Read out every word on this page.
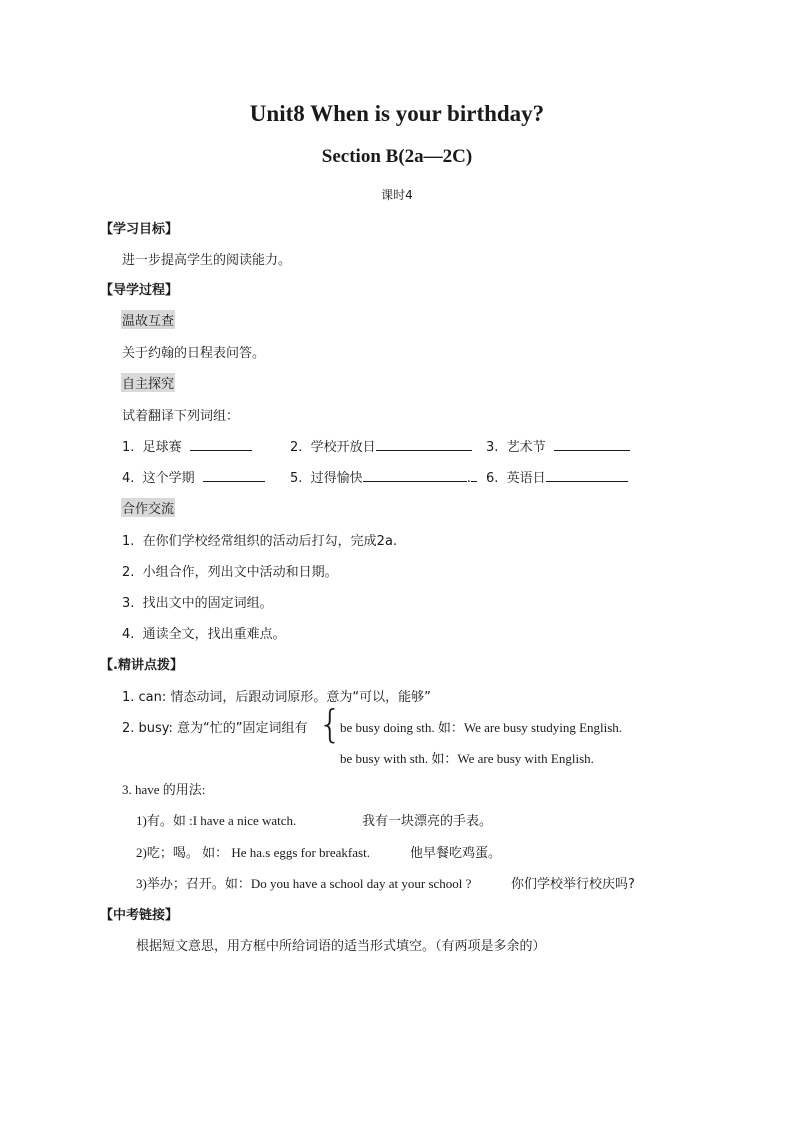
Unit8 When is your birthday?
Section B(2a—2C)
课时4
【学习目标】
进一步提高学生的阅读能力。
【导学过程】
温故互查
关于约翰的日程表问答。
自主探究
试着翻译下列词组：
1. 足球赛	2. 学校开放日	3. 艺术节
4. 这个学期	5. 过得愉快	.	6. 英语日
合作交流
1. 在你们学校经常组织的活动后打勾，完成2a.
2. 小组合作，列出文中活动和日期。
3. 找出文中的固定词组。
4. 通读全文，找出重难点。
【.精讲点拨】
1. can: 情态动词，后跟动词原形。意为“可以，能够”
2. busy: 意为“忙的”固定词组有 {
be busy doing sth. 如：We are busy studying English.
be busy with sth. 如：We are busy with English.
3. have 的用法:
1)有。如 :I have a nice watch.	我有一块漂亮的手表。
2)吃；喝。 如： He ha.s eggs for breakfast.	他早餐吃鸡蛋。
3)举办；召开。如：Do you have a school day at your school ?	你们学校举行校庆吗?
【中考链接】
根据短文意思，用方框中所给词语的适当形式填空。（有两项是多余的）
